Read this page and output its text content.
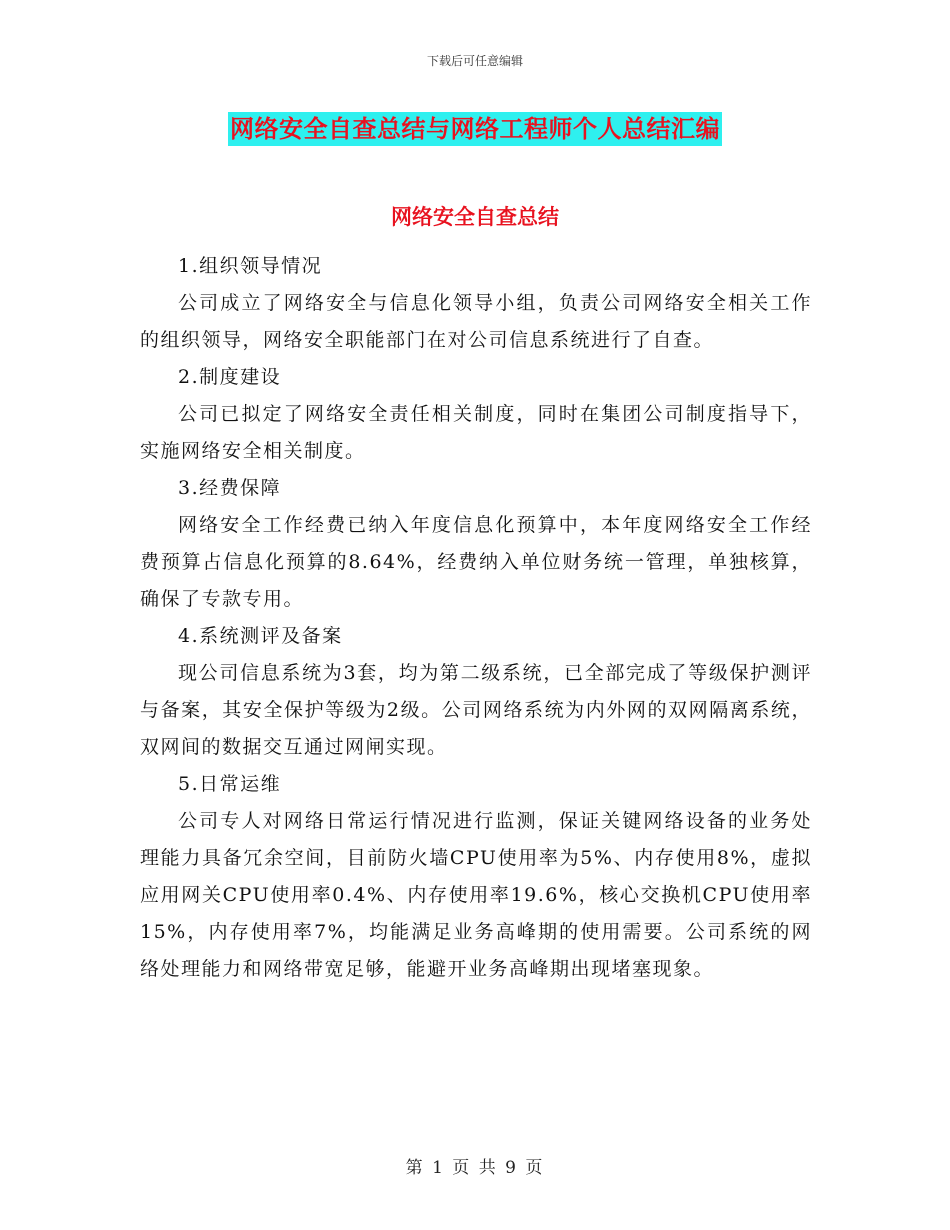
下载后可任意编辑
网络安全自查总结与网络工程师个人总结汇编
网络安全自查总结

1.组织领导情况

公司成立了网络安全与信息化领导小组，负责公司网络安全相关工作的组织领导，网络安全职能部门在对公司信息系统进行了自查。

2.制度建设

公司已拟定了网络安全责任相关制度，同时在集团公司制度指导下，实施网络安全相关制度。

3.经费保障

网络安全工作经费已纳入年度信息化预算中，本年度网络安全工作经费预算占信息化预算的8.64%，经费纳入单位财务统一管理，单独核算，确保了专款专用。

4.系统测评及备案

现公司信息系统为3套，均为第二级系统，已全部完成了等级保护测评与备案，其安全保护等级为2级。公司网络系统为内外网的双网隔离系统，双网间的数据交互通过网闸实现。

5.日常运维

公司专人对网络日常运行情况进行监测，保证关键网络设备的业务处理能力具备冗余空间，目前防火墙CPU使用率为5%、内存使用8%，虚拟应用网关CPU使用率0.4%、内存使用率19.6%，核心交换机CPU使用率15%，内存使用率7%，均能满足业务高峰期的使用需要。公司系统的网络处理能力和网络带宽足够，能避开业务高峰期出现堵塞现象。

第 1 页 共 9 页
